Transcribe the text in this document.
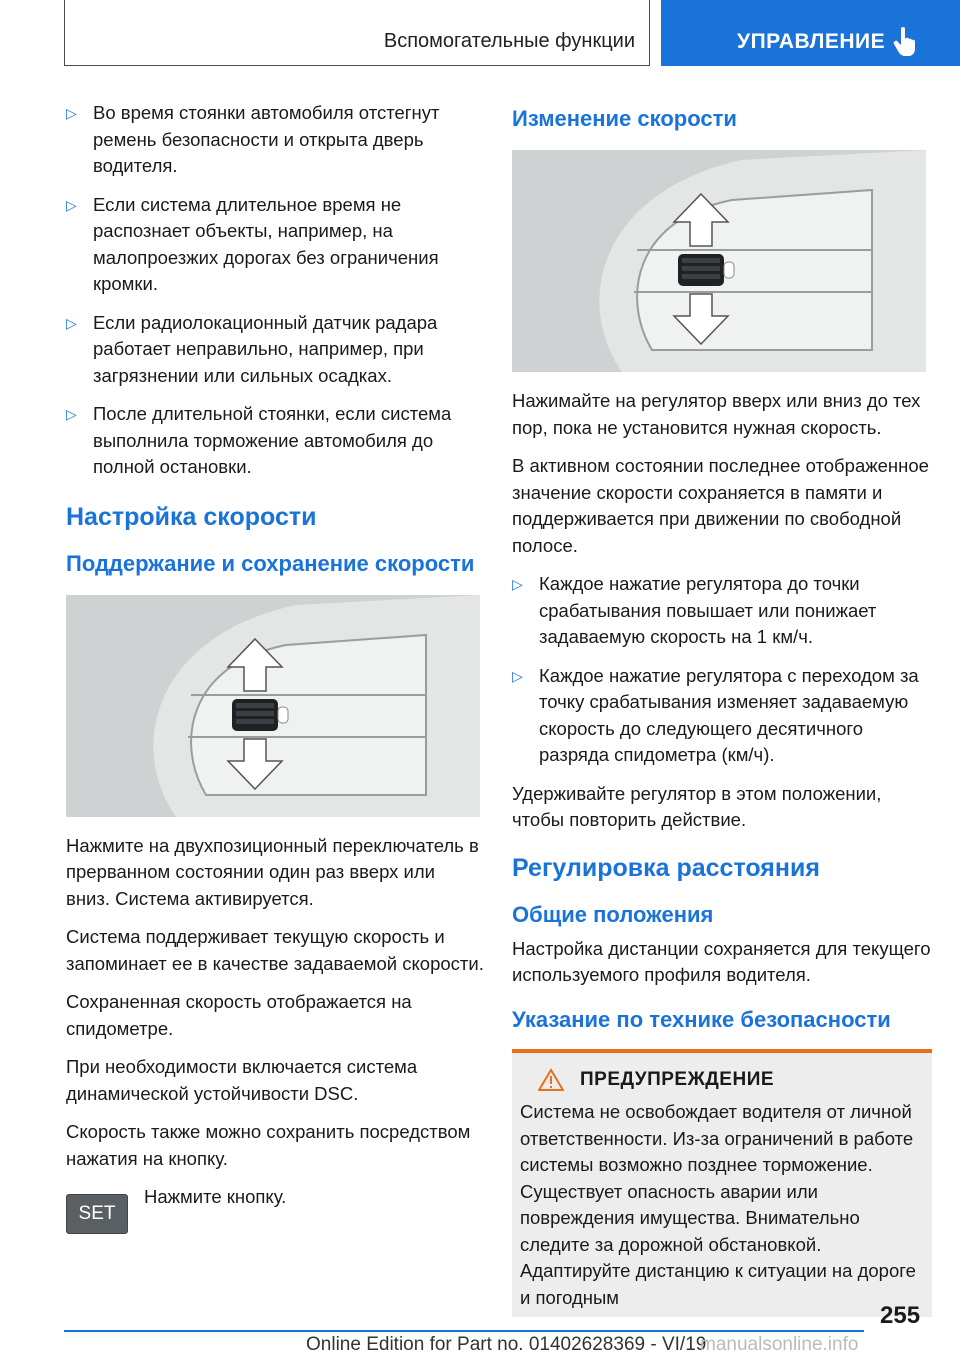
Вспомогательные функции	УПРАВЛЕНИЕ
▷ Во время стоянки автомобиля отстегнут ремень безопасности и открыта дверь водителя.
▷ Если система длительное время не распознает объекты, например, на малопроезжих дорогах без ограничения кромки.
▷ Если радиолокационный датчик радара работает неправильно, например, при загрязнении или сильных осадках.
▷ После длительной стоянки, если система выполнила торможение автомобиля до полной остановки.
Настройка скорости
Поддержание и сохранение скорости

Нажмите на двухпозиционный переключатель в прерванном состоянии один раз вверх или вниз. Система активируется.

Система поддерживает текущую скорость и запоминает ее в качестве задаваемой скорости.

Сохраненная скорость отображается на спидометре.

При необходимости включается система динамической устойчивости DSC.

Скорость также можно сохранить посредством нажатия на кнопку.

SET
Нажмите кнопку.
Изменение скорости

Нажимайте на регулятор вверх или вниз до тех пор, пока не установится нужная скорость.

В активном состоянии последнее отображенное значение скорости сохраняется в памяти и поддерживается при движении по свободной полосе.

▷ Каждое нажатие регулятора до точки срабатывания повышает или понижает задаваемую скорость на 1 км/ч.
▷ Каждое нажатие регулятора с переходом за точку срабатывания изменяет задаваемую скорость до следующего десятичного разряда спидометра (км/ч).

Удерживайте регулятор в этом положении, чтобы повторить действие.

Регулировка расстояния
Общие положения

Настройка дистанции сохраняется для текущего используемого профиля водителя.

Указание по технике безопасности
ПРЕДУПРЕЖДЕНИЕ

Система не освобождает водителя от личной ответственности. Из-за ограничений в работе системы возможно позднее торможение. Существует опасность аварии или повреждения имущества. Внимательно следите за дорожной обстановкой. Адаптируйте дистанцию к ситуации на дороге и погодным

255
Online Edition for Part no. 01402628369 - VI/19
manualsonline.info
